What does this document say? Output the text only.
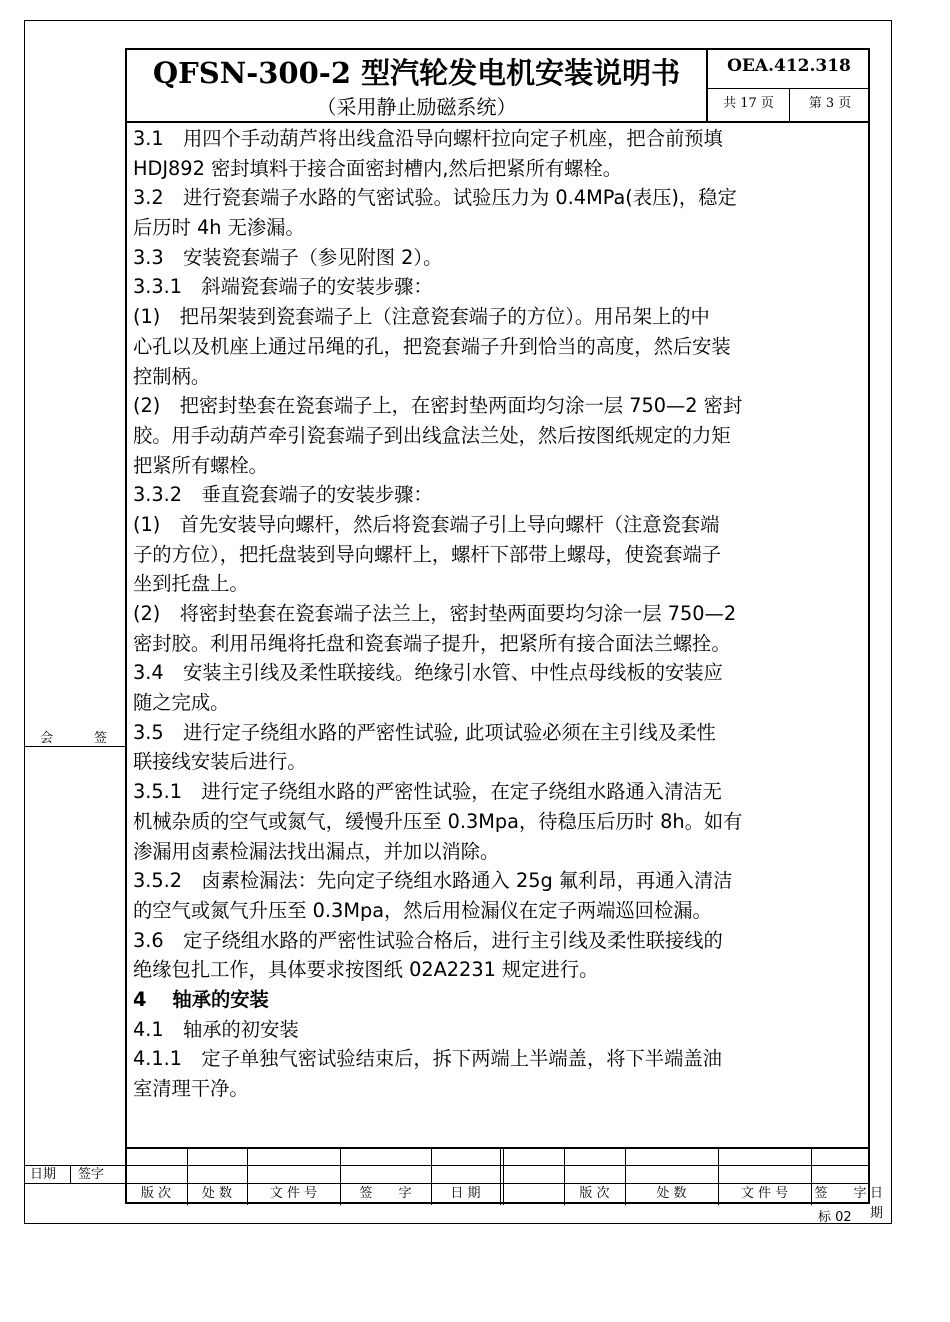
QFSN-300-2 型汽轮发电机安装说明书
（采用静止励磁系统）
OEA.412.318
共 17 页	第 3 页
3.1　用四个手动葫芦将出线盒沿导向螺杆拉向定子机座，把合前预填
HDJ892 密封填料于接合面密封槽内,然后把紧所有螺栓。
3.2　进行瓷套端子水路的气密试验。试验压力为 0.4MPa(表压)，稳定
后历时 4h 无渗漏。
3.3　安装瓷套端子（参见附图 2）。
3.3.1　斜端瓷套端子的安装步骤：
(1)　把吊架装到瓷套端子上（注意瓷套端子的方位）。用吊架上的中
心孔以及机座上通过吊绳的孔，把瓷套端子升到恰当的高度，然后安装
控制柄。
(2)　把密封垫套在瓷套端子上，在密封垫两面均匀涂一层 750—2 密封
胶。用手动葫芦牵引瓷套端子到出线盒法兰处，然后按图纸规定的力矩
把紧所有螺栓。
3.3.2　垂直瓷套端子的安装步骤：
(1)　首先安装导向螺杆，然后将瓷套端子引上导向螺杆（注意瓷套端
子的方位），把托盘装到导向螺杆上，螺杆下部带上螺母，使瓷套端子
坐到托盘上。
(2)　将密封垫套在瓷套端子法兰上，密封垫两面要均匀涂一层 750—2
密封胶。利用吊绳将托盘和瓷套端子提升，把紧所有接合面法兰螺拴。
3.4　安装主引线及柔性联接线。绝缘引水管、中性点母线板的安装应
随之完成。
3.5　进行定子绕组水路的严密性试验, 此项试验必须在主引线及柔性
联接线安装后进行。
3.5.1　进行定子绕组水路的严密性试验，在定子绕组水路通入清洁无
机械杂质的空气或氮气，缓慢升压至 0.3Mpa，待稳压后历时 8h。如有
渗漏用卤素检漏法找出漏点，并加以消除。
3.5.2　卤素检漏法：先向定子绕组水路通入 25g 氟利昂，再通入清洁
的空气或氮气升压至 0.3Mpa，然后用检漏仪在定子两端巡回检漏。
3.6　定子绕组水路的严密性试验合格后，进行主引线及柔性联接线的
绝缘包扎工作，具体要求按图纸 02A2231 规定进行。
4　 轴承的安装
4.1　轴承的初安装
4.1.1　定子单独气密试验结束后，拆下两端上半端盖，将下半端盖油
室清理干净。
会	签
日期 签字
版 次	处 数	文 件 号	签　　字	日 期	版 次	处 数	文 件 号	签　　字 日 期
标 02
